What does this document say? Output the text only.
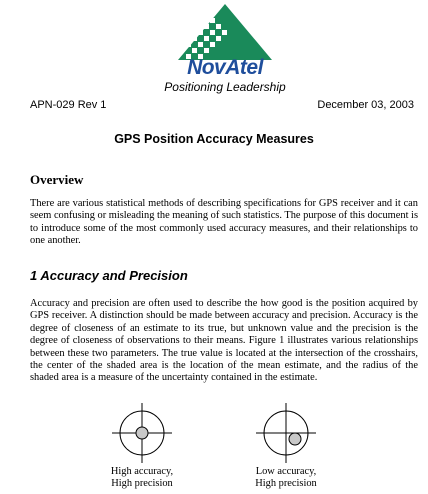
NovAtel
Positioning Leadership
APN-029 Rev 1	December 03, 2003
GPS Position Accuracy Measures
Overview
There are various statistical methods of describing specifications for GPS receiver and it can seem confusing or misleading the meaning of such statistics. The purpose of this document is to introduce some of the most commonly used accuracy measures, and their relationships to one another.
1 Accuracy and Precision
Accuracy and precision are often used to describe the how good is the position acquired by GPS receiver. A distinction should be made between accuracy and precision. Accuracy is the degree of closeness of an estimate to its true, but unknown value and the precision is the degree of closeness of observations to their means. Figure 1 illustrates various relationships between these two parameters. The true value is located at the intersection of the crosshairs, the center of the shaded area is the location of the mean estimate, and the radius of the shaded area is a measure of the uncertainty contained in the estimate.
High accuracy,
High precision
Low accuracy,
High precision
